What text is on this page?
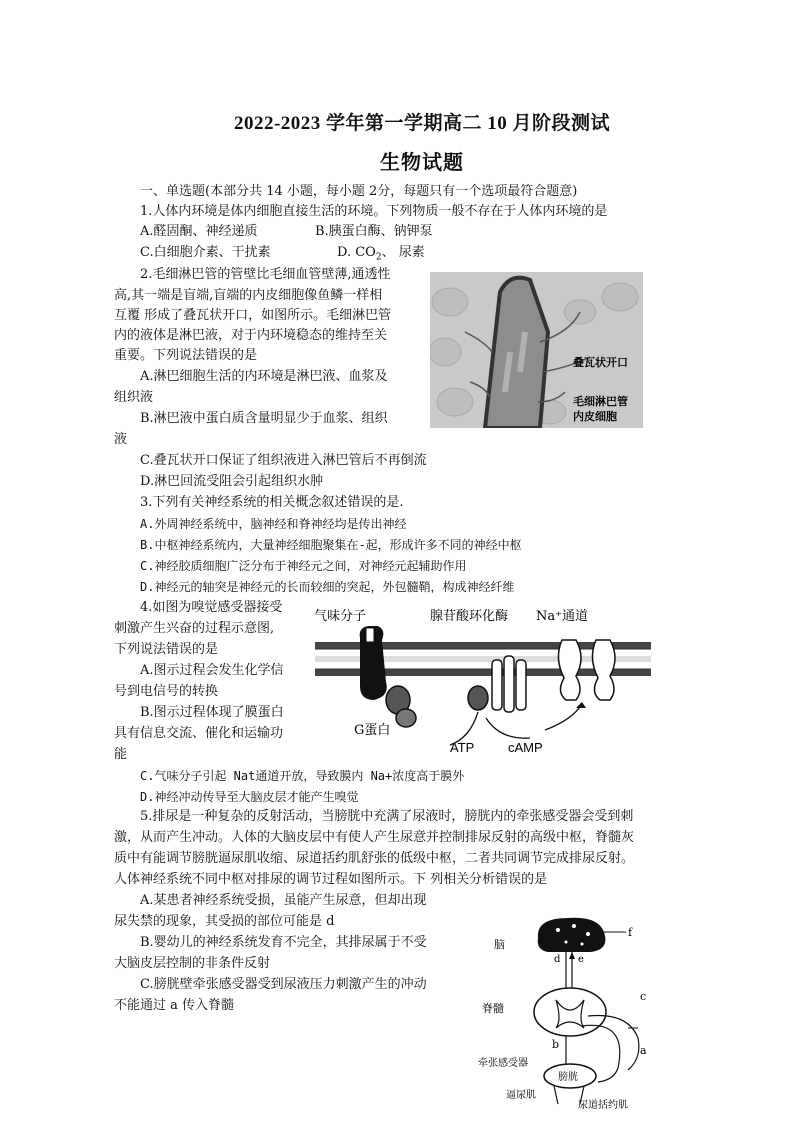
2022-2023 学年第一学期高二 10 月阶段测试
生物试题
一、单选题(本部分共 14 小题，每小题 2分，每题只有一个选项最符合题意)
1.人体内环境是体内细胞直接生活的环境。下列物质一般不存在于人体内环境的是
A.醛固酮、神经递质	B.胰蛋白酶、钠钾泵
C.白细胞介素、干扰素	D. $CO_2$、 尿素
2.毛细淋巴管的管壁比毛细血管壁薄,通透性
高,其一端是盲端,盲端的内皮细胞像鱼鳞一样相
互覆 形成了叠瓦状开口，如图所示。毛细淋巴管
内的液体是淋巴液，对于内环境稳态的维持至关
重要。下列说法错误的是
A.淋巴细胞生活的内环境是淋巴液、血浆及
组织液
B.淋巴液中蛋白质含量明显少于血浆、组织
液
C.叠瓦状开口保证了组织液进入淋巴管后不再倒流
D.淋巴回流受阻会引起组织水肿
叠瓦状开口
毛细淋巴管
内皮细胞
3.下列有关神经系统的相关概念叙述错误的是.
A.外周神经系统中，脑神经和脊神经均是传出神经
B.中枢神经系统内，大量神经细胞聚集在-起，形成许多不同的神经中枢
C.神经胶质细胞广泛分布于神经元之间，对神经元起辅助作用
D.神经元的轴突是神经元的长而较细的突起，外包髓鞘，构成神经纤维
4.如图为嗅觉感受器接受
刺激产生兴奋的过程示意图,
下列说法错误的是
A.图示过程会发生化学信
号到电信号的转换
B.图示过程体现了膜蛋白
具有信息交流、催化和运输功
能
C.气味分子引起 Nat通道开放，导致膜内 Na+浓度高于膜外
D.神经冲动传导至大脑皮层才能产生嗅觉
气味分子	腺苷酸环化酶 Na⁺通道
G蛋白
ATP	cAMP
5.排尿是一种复杂的反射活动，当膀胱中充满了尿液时，膀胱内的牵张感受器会受到刺
激，从而产生冲动。人体的大脑皮层中有使人产生尿意并控制排尿反射的高级中枢，脊髓灰
质中有能调节膀胱逼尿肌收缩、尿道括约肌舒张的低级中枢，二者共同调节完成排尿反射。
人体神经系统不同中枢对排尿的调节过程如图所示。下 列相关分析错误的是
A.某患者神经系统受损，虽能产生尿意，但却出现
尿失禁的现象，其受损的部位可能是 d
B.婴幼儿的神经系统发育不完全，其排尿属于不受
大脑皮层控制的非条件反射
C.膀胱壁牵张感受器受到尿液压力刺激产生的冲动
不能通过 a 传入脊髓
脑
f
d e
脊髓
c
b	a
牵张感受器
膀胱
逼尿肌
尿道括约肌
